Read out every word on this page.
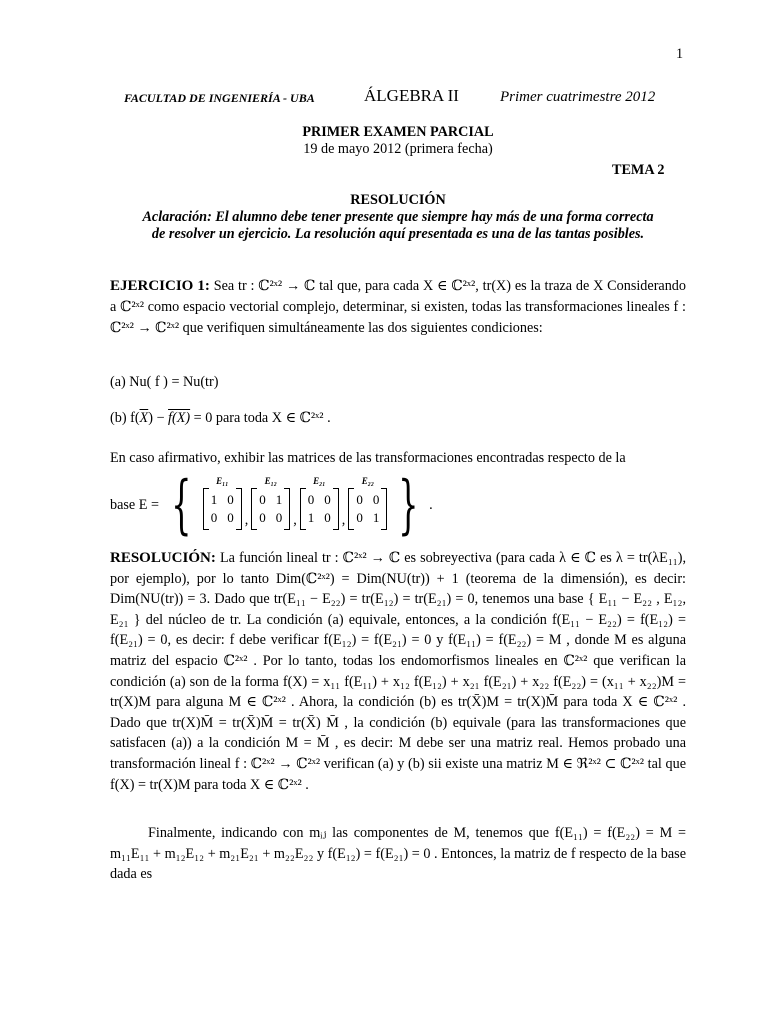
1
FACULTAD DE INGENIERÍA - UBA	ÁLGEBRA II	Primer cuatrimestre 2012
PRIMER EXAMEN PARCIAL
19 de mayo 2012 (primera fecha)
TEMA 2
RESOLUCIÓN
Aclaración: El alumno debe tener presente que siempre hay más de una forma correcta
de resolver un ejercicio. La resolución aquí presentada es una de las tantas posibles.
EJERCICIO 1: Sea tr : ℂ²ˣ² → ℂ tal que, para cada X ∈ ℂ²ˣ², tr(X) es la traza de X Considerando a ℂ²ˣ² como espacio vectorial complejo, determinar, si existen, todas las transformaciones lineales f : ℂ²ˣ² → ℂ²ˣ² que verifiquen simultáneamente las dos siguientes condiciones:
(a) Nu( f ) = Nu(tr)
(b) $f(\overline{X}) - f(X) = 0$ para toda X ∈ ℂ²ˣ² .
En caso afirmativo, exhibir las matrices de las transformaciones encontradas respecto de la
base E = {	E₁₁
1 0
0 0 ,
E₁₂
0 1
0 0 ,
E₂₁
0 0
1 0 ,
E₂₂
0 0
0 1 } .
RESOLUCIÓN: La función lineal tr : ℂ²ˣ² → ℂ es sobreyectiva (para cada λ ∈ ℂ es λ = tr(λE₁₁), por ejemplo), por lo tanto Dim(ℂ²ˣ²) = Dim(NU(tr)) + 1 (teorema de la dimensión), es decir: Dim(NU(tr)) = 3. Dado que tr(E₁₁ − E₂₂) = tr(E₁₂) = tr(E₂₁) = 0, tenemos una base { E₁₁ − E₂₂ , E₁₂, E₂₁ } del núcleo de tr. La condición (a) equivale, entonces, a la condición f(E₁₁ − E₂₂) = f(E₁₂) = f(E₂₁) = 0, es decir: f debe verificar f(E₁₂) = f(E₂₁) = 0 y f(E₁₁) = f(E₂₂) = M , donde M es alguna matriz del espacio ℂ²ˣ² . Por lo tanto, todas los endomorfismos lineales en ℂ²ˣ² que verifican la condición (a) son de la forma f(X) = x₁₁ f(E₁₁) + x₁₂ f(E₁₂) + x₂₁ f(E₂₁) + x₂₂ f(E₂₂) = (x₁₁ + x₂₂)M = tr(X)M para alguna M ∈ ℂ²ˣ² . Ahora, la condición (b) es tr(X̄)M = tr(X)M̄ para toda X ∈ ℂ²ˣ² . Dado que tr(X)M̄ = tr(X̄)M̄ = tr(X̄) M̄ , la condición (b) equivale (para las transformaciones que satisfacen (a)) a la condición M = M̄ , es decir: M debe ser una matriz real. Hemos probado una transformación lineal f : ℂ²ˣ² → ℂ²ˣ² verifican (a) y (b) sii existe una matriz M ∈ ℜ²ˣ² ⊂ ℂ²ˣ² tal que f(X) = tr(X)M para toda X ∈ ℂ²ˣ² .
Finalmente, indicando con mᵢⱼ las componentes de M, tenemos que f(E₁₁) = f(E₂₂) = M = m₁₁E₁₁ + m₁₂E₁₂ + m₂₁E₂₁ + m₂₂E₂₂ y f(E₁₂) = f(E₂₁) = 0 . Entonces, la matriz de f respecto de la base dada es
